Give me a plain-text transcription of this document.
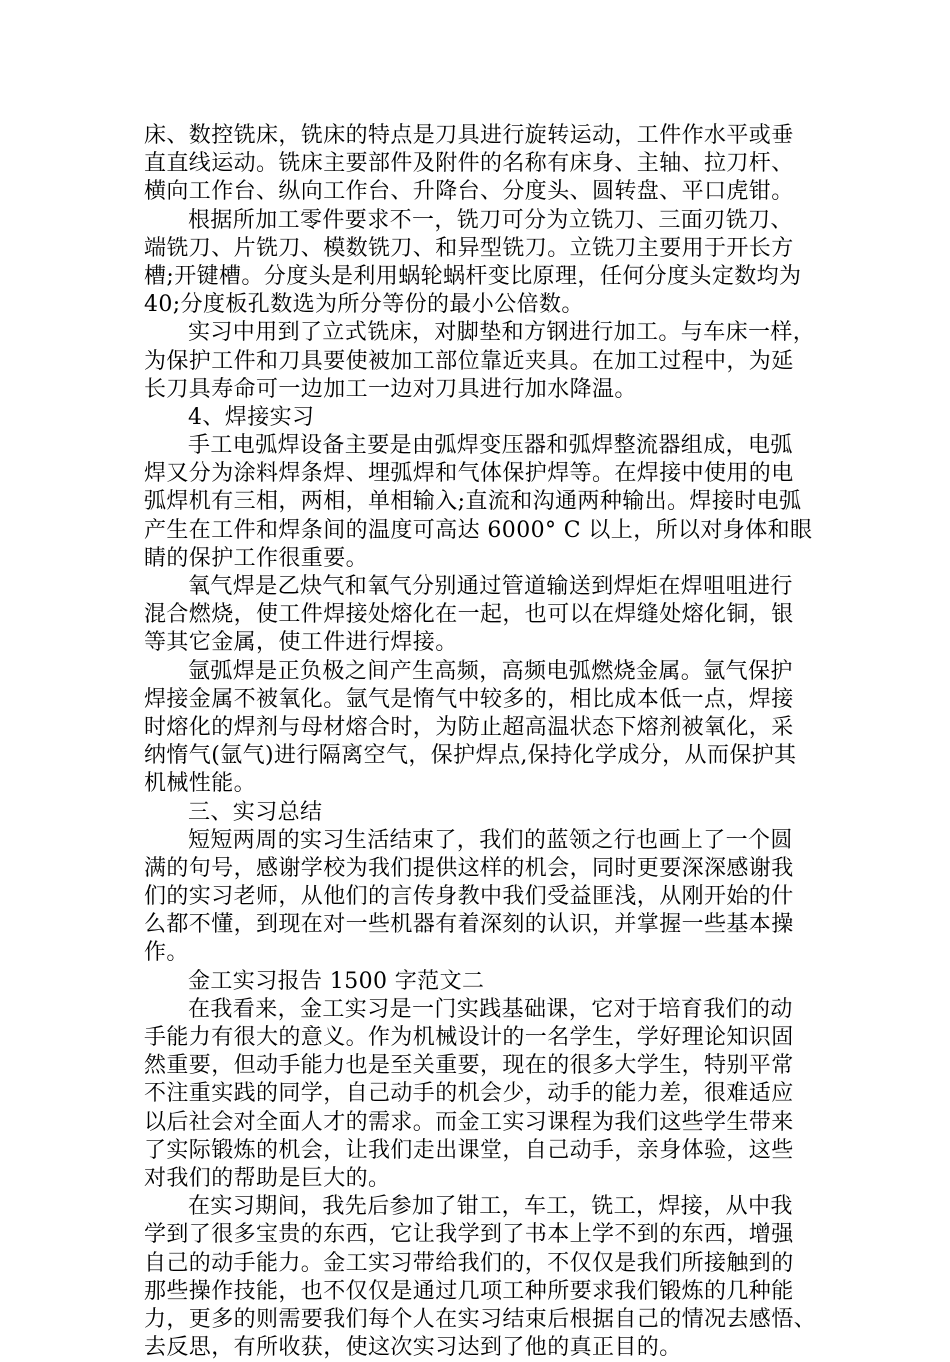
床、数控铣床，铣床的特点是刀具进行旋转运动，工件作水平或垂
直直线运动。铣床主要部件及附件的名称有床身、主轴、拉刀杆、
横向工作台、纵向工作台、升降台、分度头、圆转盘、平口虎钳。
根据所加工零件要求不一，铣刀可分为立铣刀、三面刃铣刀、
端铣刀、片铣刀、模数铣刀、和异型铣刀。立铣刀主要用于开长方
槽;开键槽。分度头是利用蜗轮蜗杆变比原理，任何分度头定数均为
40;分度板孔数选为所分等份的最小公倍数。
实习中用到了立式铣床，对脚垫和方钢进行加工。与车床一样，
为保护工件和刀具要使被加工部位靠近夹具。在加工过程中，为延
长刀具寿命可一边加工一边对刀具进行加水降温。
4、焊接实习
手工电弧焊设备主要是由弧焊变压器和弧焊整流器组成，电弧
焊又分为涂料焊条焊、埋弧焊和气体保护焊等。在焊接中使用的电
弧焊机有三相，两相，单相输入;直流和沟通两种输出。焊接时电弧
产生在工件和焊条间的温度可高达 6000° C 以上，所以对身体和眼
睛的保护工作很重要。
氧气焊是乙炔气和氧气分别通过管道输送到焊炬在焊咀咀进行
混合燃烧，使工件焊接处熔化在一起，也可以在焊缝处熔化铜，银
等其它金属，使工件进行焊接。
氩弧焊是正负极之间产生高频，高频电弧燃烧金属。氩气保护
焊接金属不被氧化。氩气是惰气中较多的，相比成本低一点，焊接
时熔化的焊剂与母材熔合时，为防止超高温状态下熔剂被氧化，采
纳惰气(氩气)进行隔离空气，保护焊点,保持化学成分，从而保护其
机械性能。
三、实习总结
短短两周的实习生活结束了，我们的蓝领之行也画上了一个圆
满的句号，感谢学校为我们提供这样的机会，同时更要深深感谢我
们的实习老师，从他们的言传身教中我们受益匪浅，从刚开始的什
么都不懂，到现在对一些机器有着深刻的认识，并掌握一些基本操
作。
金工实习报告 1500 字范文二
在我看来，金工实习是一门实践基础课，它对于培育我们的动
手能力有很大的意义。作为机械设计的一名学生，学好理论知识固
然重要，但动手能力也是至关重要，现在的很多大学生，特别平常
不注重实践的同学，自己动手的机会少，动手的能力差，很难适应
以后社会对全面人才的需求。而金工实习课程为我们这些学生带来
了实际锻炼的机会，让我们走出课堂，自己动手，亲身体验，这些
对我们的帮助是巨大的。
在实习期间，我先后参加了钳工，车工，铣工，焊接，从中我
学到了很多宝贵的东西，它让我学到了书本上学不到的东西，增强
自己的动手能力。金工实习带给我们的，不仅仅是我们所接触到的
那些操作技能，也不仅仅是通过几项工种所要求我们锻炼的几种能
力，更多的则需要我们每个人在实习结束后根据自己的情况去感悟、
去反思，有所收获，使这次实习达到了他的真正目的。
